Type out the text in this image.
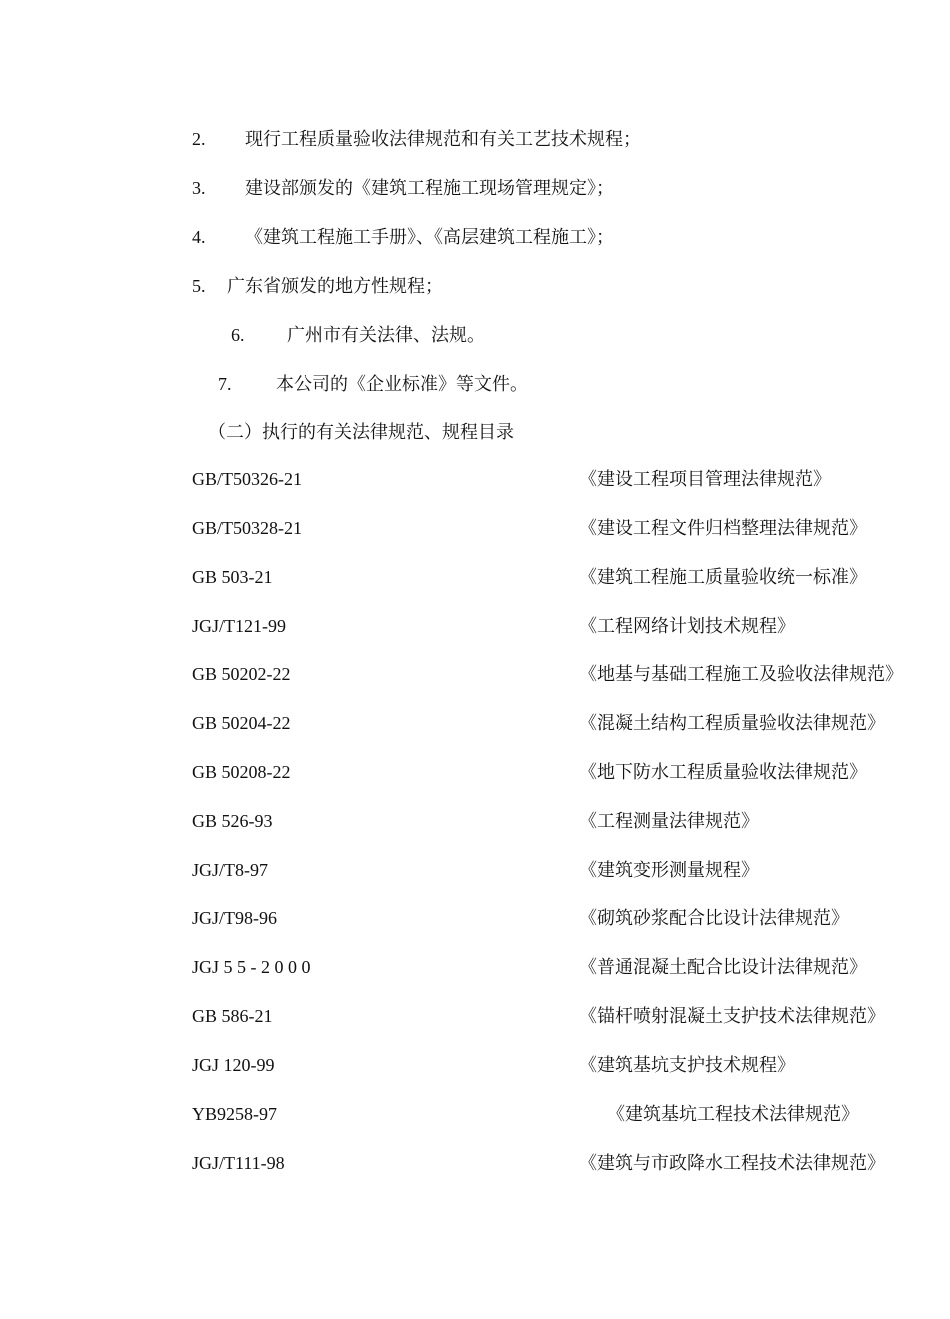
2. 现行工程质量验收法律规范和有关工艺技术规程；
3. 建设部颁发的《建筑工程施工现场管理规定》；
4. 《建筑工程施工手册》、《高层建筑工程施工》；
5. 广东省颁发的地方性规程；
6. 广州市有关法律、法规。
7. 本公司的《企业标准》等文件。
（二）执行的有关法律规范、规程目录
GB/T50326-21	《建设工程项目管理法律规范》
GB/T50328-21	《建设工程文件归档整理法律规范》
GB 503-21	《建筑工程施工质量验收统一标准》
JGJ/T121-99	《工程网络计划技术规程》
GB 50202-22	《地基与基础工程施工及验收法律规范》
GB 50204-22	《混凝土结构工程质量验收法律规范》
GB 50208-22	《地下防水工程质量验收法律规范》
GB 526-93	《工程测量法律规范》
JGJ/T8-97	《建筑变形测量规程》
JGJ/T98-96	《砌筑砂浆配合比设计法律规范》
JGJ 5 5 - 2 0 0 0	《普通混凝土配合比设计法律规范》
GB 586-21	《锚杆喷射混凝土支护技术法律规范》
JGJ 120-99	《建筑基坑支护技术规程》
YB9258-97	《建筑基坑工程技术法律规范》
JGJ/T111-98	《建筑与市政降水工程技术法律规范》
